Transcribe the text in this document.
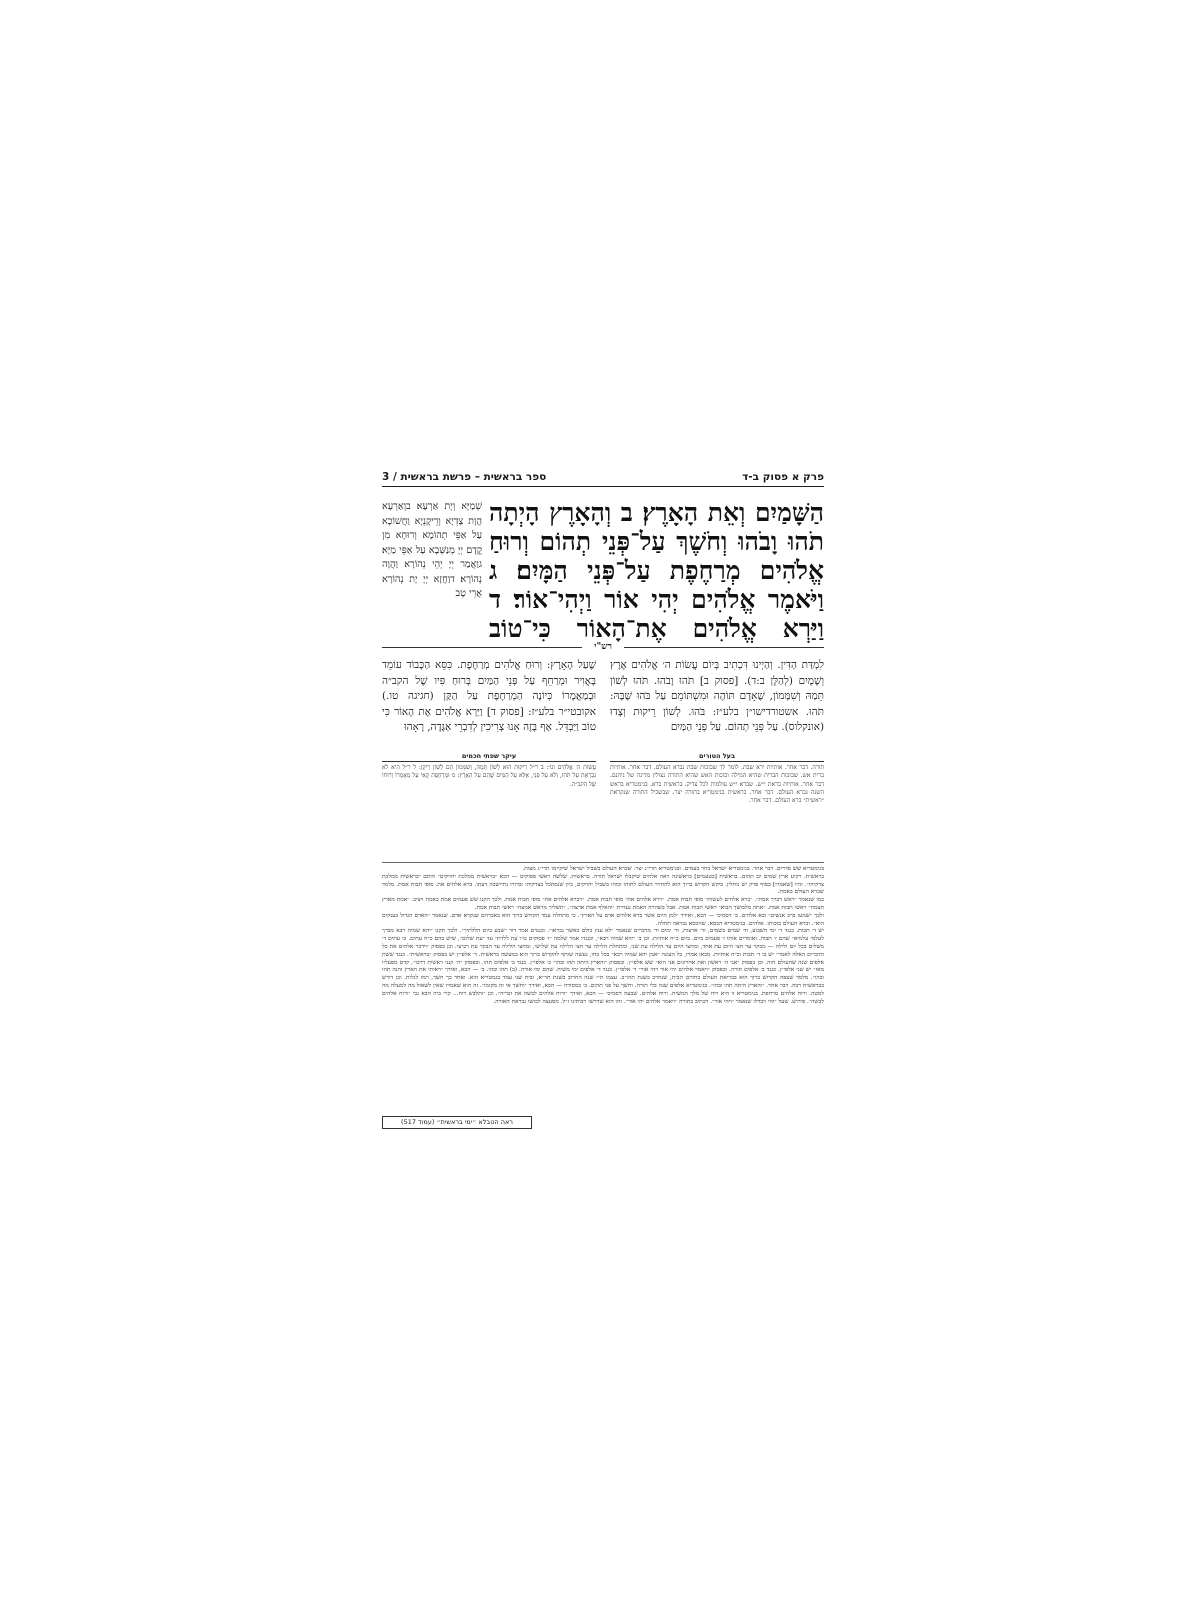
פרק א פסוק ב-ד
ספר בראשית – פרשת בראשית / 3
הַשָּׁמַיִם וְאֵת הָאָרֶץ׃ ב וְהָאָרֶץ הָיְתָה תֹהוּ וָבֹהוּ וְחֹשֶׁךְ עַל־פְּנֵי תְהוֹם וְרוּחַ אֱלֹהִים מְרַחֶפֶת עַל־פְּנֵי הַמָּיִם׃ ג וַיֹּאמֶר אֱלֹהִים יְהִי אוֹר וַיְהִי־אוֹר׃ ד וַיַּרְא אֱלֹהִים אֶת־הָאוֹר כִּי־טוֹב
שְׁמַיָּא וְיָת אַרְעָא׃ בוְאַרְעָא הֲוָת צָדְיָא וְרֵיקָנְיָא וַחֲשׁוֹכָא עַל אַפֵּי תְהוֹמָא וְרוּחָא מִן קֳדָם יְיָ מְנַשְּׁבָא עַל אַפֵּי מַיָּא׃ גוַאֲמַר יְיָ יְהֵי נְהוֹרָא וַהֲוָה נְהוֹרָא׃ דוַחֲזָא יְיָ יָת נְהוֹרָא אֲרֵי טָב
רש"י
לִמְדַּת הַדִּין. וְהַיְינוּ דִּכְתִיב בְּיוֹם עֲשׂוֹת ה׳ אֱלֹהִים אֶרֶץ וְשָׁמָיִם (לְהַלָּן ב:ד). [פסוק ב] תֹּהוּ וָבֹהוּ. תֹּהוּ לְשׁוֹן תֵּמַהּ וְשִׁמָּמוֹן, שֶׁאָדָם תּוֹהֶה וּמִשְׁתּוֹמֵם עַל בֹּהוּ שֶׁבָּהּ: תֹּהוּ. אשטורדישו״ן בלע״ז: בֹּהוּ. לְשׁוֹן רֵיקוּת וְצָדוּ (אונקלוס). עַל פְּנֵי תְהוֹם. עַל פְּנֵי הַמַּיִם
שֶׁעַל הָאָרֶץ: וְרוּחַ אֱלֹהִים מְרַחֶפֶת. כִּסֵּא הַכָּבוֹד עוֹמֵד בָּאֲוִיר וּמְרַחֵף עַל פְּנֵי הַמַּיִם בְּרוּחַ פִּיו שֶׁל הקב״ה וּבְמַאֲמָרוֹ כְּיוֹנָה הַמְרַחֶפֶת עַל הַקַּן (חגיגה טו.) אקובטי״ר בלע״ז: [פסוק ד] וַיַּרְא אֱלֹהִים אֶת הָאוֹר כִּי טוֹב וַיַּבְדֵּל. אַף בָּזֶה אָנוּ צְרִיכִין לְדִבְרֵי אַגָּדָה, רָאָהוּ
בעל הטורים
תורה. דבר אחר. אותיות ירא שבת. לומר לך שבזכות שבת נברא העולם. דבר אחר. אותיות ברית אש. שבזכות הברית שהיא המילה ובזכות האש שהיא התורה נצולין מדינה של גיהנם. דבר אחר. אותיות בראת י״ש. שברא י״ש עולמות לכל צדיק. בראשית ברא. בגימטריא בראש השנה נברא העולם. דבר אחר. בראשית בגימטריא בתורה יצר. שבשביל התורה שנקראת ״ראשית״ ברא העולם. דבר אחר.
עיקר שפתי חכמים
עֲשׂוֹת ה׳ אֱלֹהִים וגו׳: ב ר״ל רֵיקוּת הוּא לְשׁוֹן תֵּמַהּ, וְשִׁמָּמוֹן הֵם לְשׁוֹן רֵיקָן: ל ר״ל הִיא לֹא נִבְרְאֵת עַל תֹּהוּ, וְלֹא עַל פְּנֵי, אֶלָּא עַל הַמַּיִם שֶׁהֵם עַל הָאָרֶץ: מ וּמְרַחֶפֶת קָאֵי עַל מַאֲמָרוֹ וְרוּחוֹ שֶׁל הקב״ה.

בגימטריא שש סדרים. דבר אחר. בגימטריא ישראל בחר בעמים. ובגימטריא תרי״ג יצר. שברא העולם בשביל ישראל שיקיימו תרי״ג מצות.

בראשית. רקיע ארץ שמים ים תהום. בראשית [בטעמים] בראשונה ראה אלהים שיקבלו ישראל תורה. בראשית. שלשה ראשי פסוקים — הכא ״בראשית ממלכת יהויקים״ והתם ״בראשית ממלכת צדקיהו״. והיו [שאמרו] בסוף פרק יש נוחלין. ביקש הקדוש ברוך הוא להחזיר העולם לתוהו ובוהו בשביל יהויקים, כיון שנסתכל בצדקיהו ובדורו נתיישבה דעתו. ברא אלהים את. סופי תבות אמת. מלמד שברא העולם באמת.

כמו שנאמר ״ראש דברך אמת״. ״ברא אלהים לעשות״ סופי תבות אמת. ״וירא אלהים את״ סופי תבות אמת. ״ויברא אלהים את״ סופי תבות אמת. ולכך הקנו שש פעמים אמת כאמת ויציב. ״אמת מארץ תצמח״ ראשי תבות אמת. ״אתה מלבושך הבוא״ ראשי תבות אמת. אבל בשהרה האמת נעדרת ״והאלף אמת ארצה״. ״תשליך מראש אמצה״ ראשי תבות אמת.

ולכך ״שמעו ברב אנשים״ ובא אלהים. ב׳ דסמיכי — הכא, ואידך ״למן היום אשר ברא אלהים אדם על הארץ״. כי מתחלה עמד הקדוש ברוך הוא באברהם שנקרא אדם. שנאמר ״האדם הגדול בענקים הוא״. וברא העולם בזכותו. אלהים. בגימטריא הכסא. שהכסא נבראה תחלה.

יש ד׳ תבות. כנגד ד׳ ימי השבוע, וד׳ שמים בשמים, וד׳ ארצות, וד׳ ימים וד׳ מדברים שנאמר ״לא ענין כולם כאשר נבראו״. וכנגדם אמר דוד ״שבע ביום הללתיך״. ולכך תקנו ״יהא שמיה רבא מברך לעלמי עלמיא״ שהם ז׳ תבות. ואומרים אותו ז׳ פעמים ביום. ביום כ״ח אותיות. וכן ב׳ ״יהא שמיה רבא״, וכנגדו אמר שלמה ״ז׳ פסוקים ט״ו עת ללדת״ עד ״עת שלום״, שיש בהם כ״ח עתים. כי עתים ד׳ משלים בכל יום ולילה — מבקר עד חצי היום עת אחד, ומחצי היום עד הלילה עת שני, ומתחלת הלילה עד חצי הלילה עת שלישי, ומחצי הלילה עד הבקר עת רביעי. וכן בפסוק ״וידבר אלהים את כל הדברים האלה לאמר״ יש בו ד׳ תבות וכ״ח אותיות. מכאן אמרו, כל העונה ״אמן יהא שמיה רבא״ בכל כחו, נעשה שותף להקדוש ברוך הוא במעשה בראשית. ד׳ אלפי״ן יש בפסוק ״בראשית״. כנגד ששת אלפים שנה שהעולם הזה. וכן בפסוק ״אני ה׳ ראשון ואת אחרונים אני הוא״ שש אלפי״ן. ובפסוק ״והארץ היתה תהו ובהו״ ב׳ אלפי״ן. כנגד ב׳ אלפים תהו. ובפסוק ״ה׳ קנני ראשית דרכו״, קדם מפעליו מאז״ יש שני אלפי״ן. כנגד ב׳ אלפים תורה. ובפסוק ״ויאמר אלהים יהי אור ויהי אור״ ד׳ אלפי״ן. כנגד ד׳ אלפים ימי משיח. שהם ימי אורה. (ב) תהו ובהו. ב׳ — הכא, ואידך ״ראיתי את הארץ והנה תהו ובהו״. מלמד שצפה הקדוש ברוך הוא בבריאת העולם בחורבן הבית, שנחרב בשנת תהו״ב. עצמו ת״י שנה החרוב בשנת תר״א, ובית שני עמד בגמטריא הוא. ואחר כך חשך, רמז לגלות. וכן דורש בבראשית רבה. דבר אחר. ״והארץ היתה תהו ובהו״. בגימטריא אלפים שנה בלי תורה. וחשך על פני תהום. ב׳ במסורה — הכא, ואידך ״וחשך אי זה מקומו״. זה הוא שאמרו שאין לשאול מה למעלה מה למטה. ורוח אלהים מרחפת. בגימטריא זו היא רוח של מלך המשיח. ורוח אלהים. שבעה דסמיכי — הכא, ואידך ״ורוח אלהים לבשה את זכריה״. וכן ״ותלבש רוח... קרי ביה הבא גבי ״ורוח אלהים לבשה״. פירוש. שעל ״והי ויבדלו שנאמר ״ויהי אור״. דכתיב בתורה ״ויאמר אלהים יהי אור״. זהו הוא שדרשו רבותינו ז״ל. מסעצה לבושו נבראת האורה.

ראה הטבלא ״ימי בראשית״ (עמוד 517)
